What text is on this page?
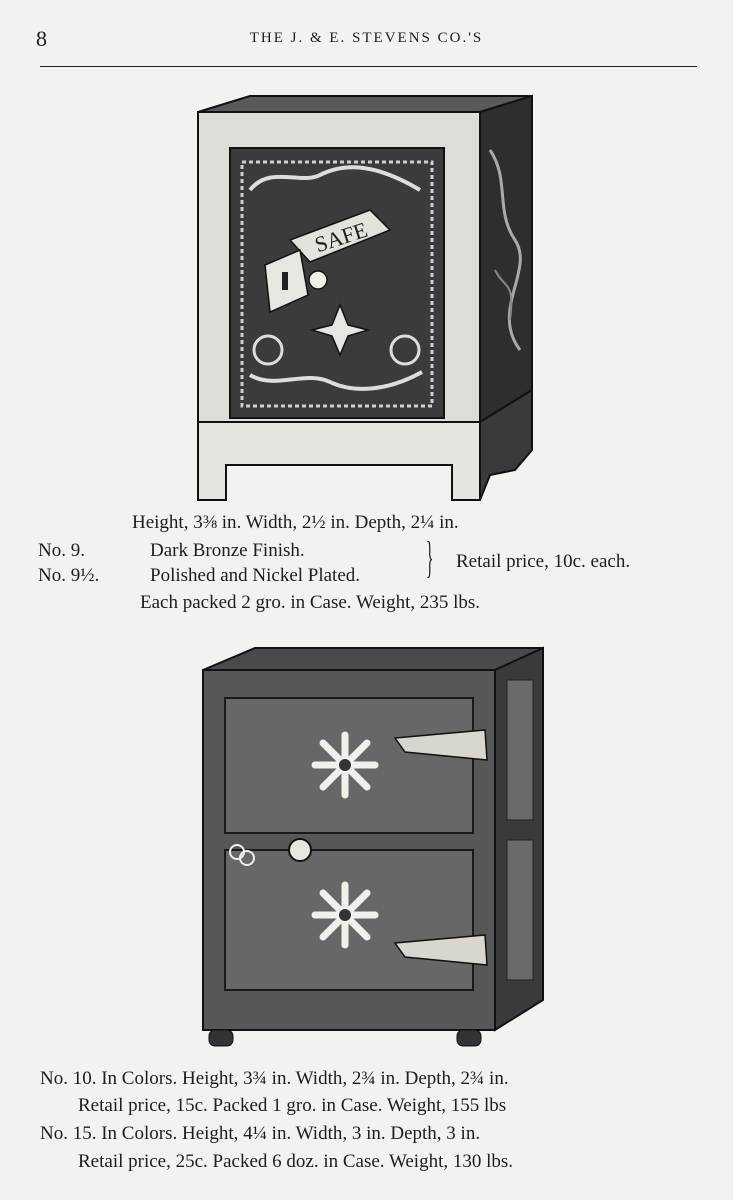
8	THE J. & E. STEVENS CO.'S
SAFE
Height, 3⅜ in. Width, 2½ in. Depth, 2¼ in.
No. 9.	Dark Bronze Finish.
No. 9½.	Polished and Nickel Plated. } Retail price, 10c. each.
Each packed 2 gro. in Case. Weight, 235 lbs.
No. 10. In Colors. Height, 3¾ in. Width, 2¾ in. Depth, 2¾ in.
Retail price, 15c. Packed 1 gro. in Case. Weight, 155 lbs
No. 15. In Colors. Height, 4¼ in. Width, 3 in. Depth, 3 in.
Retail price, 25c. Packed 6 doz. in Case. Weight, 130 lbs.
